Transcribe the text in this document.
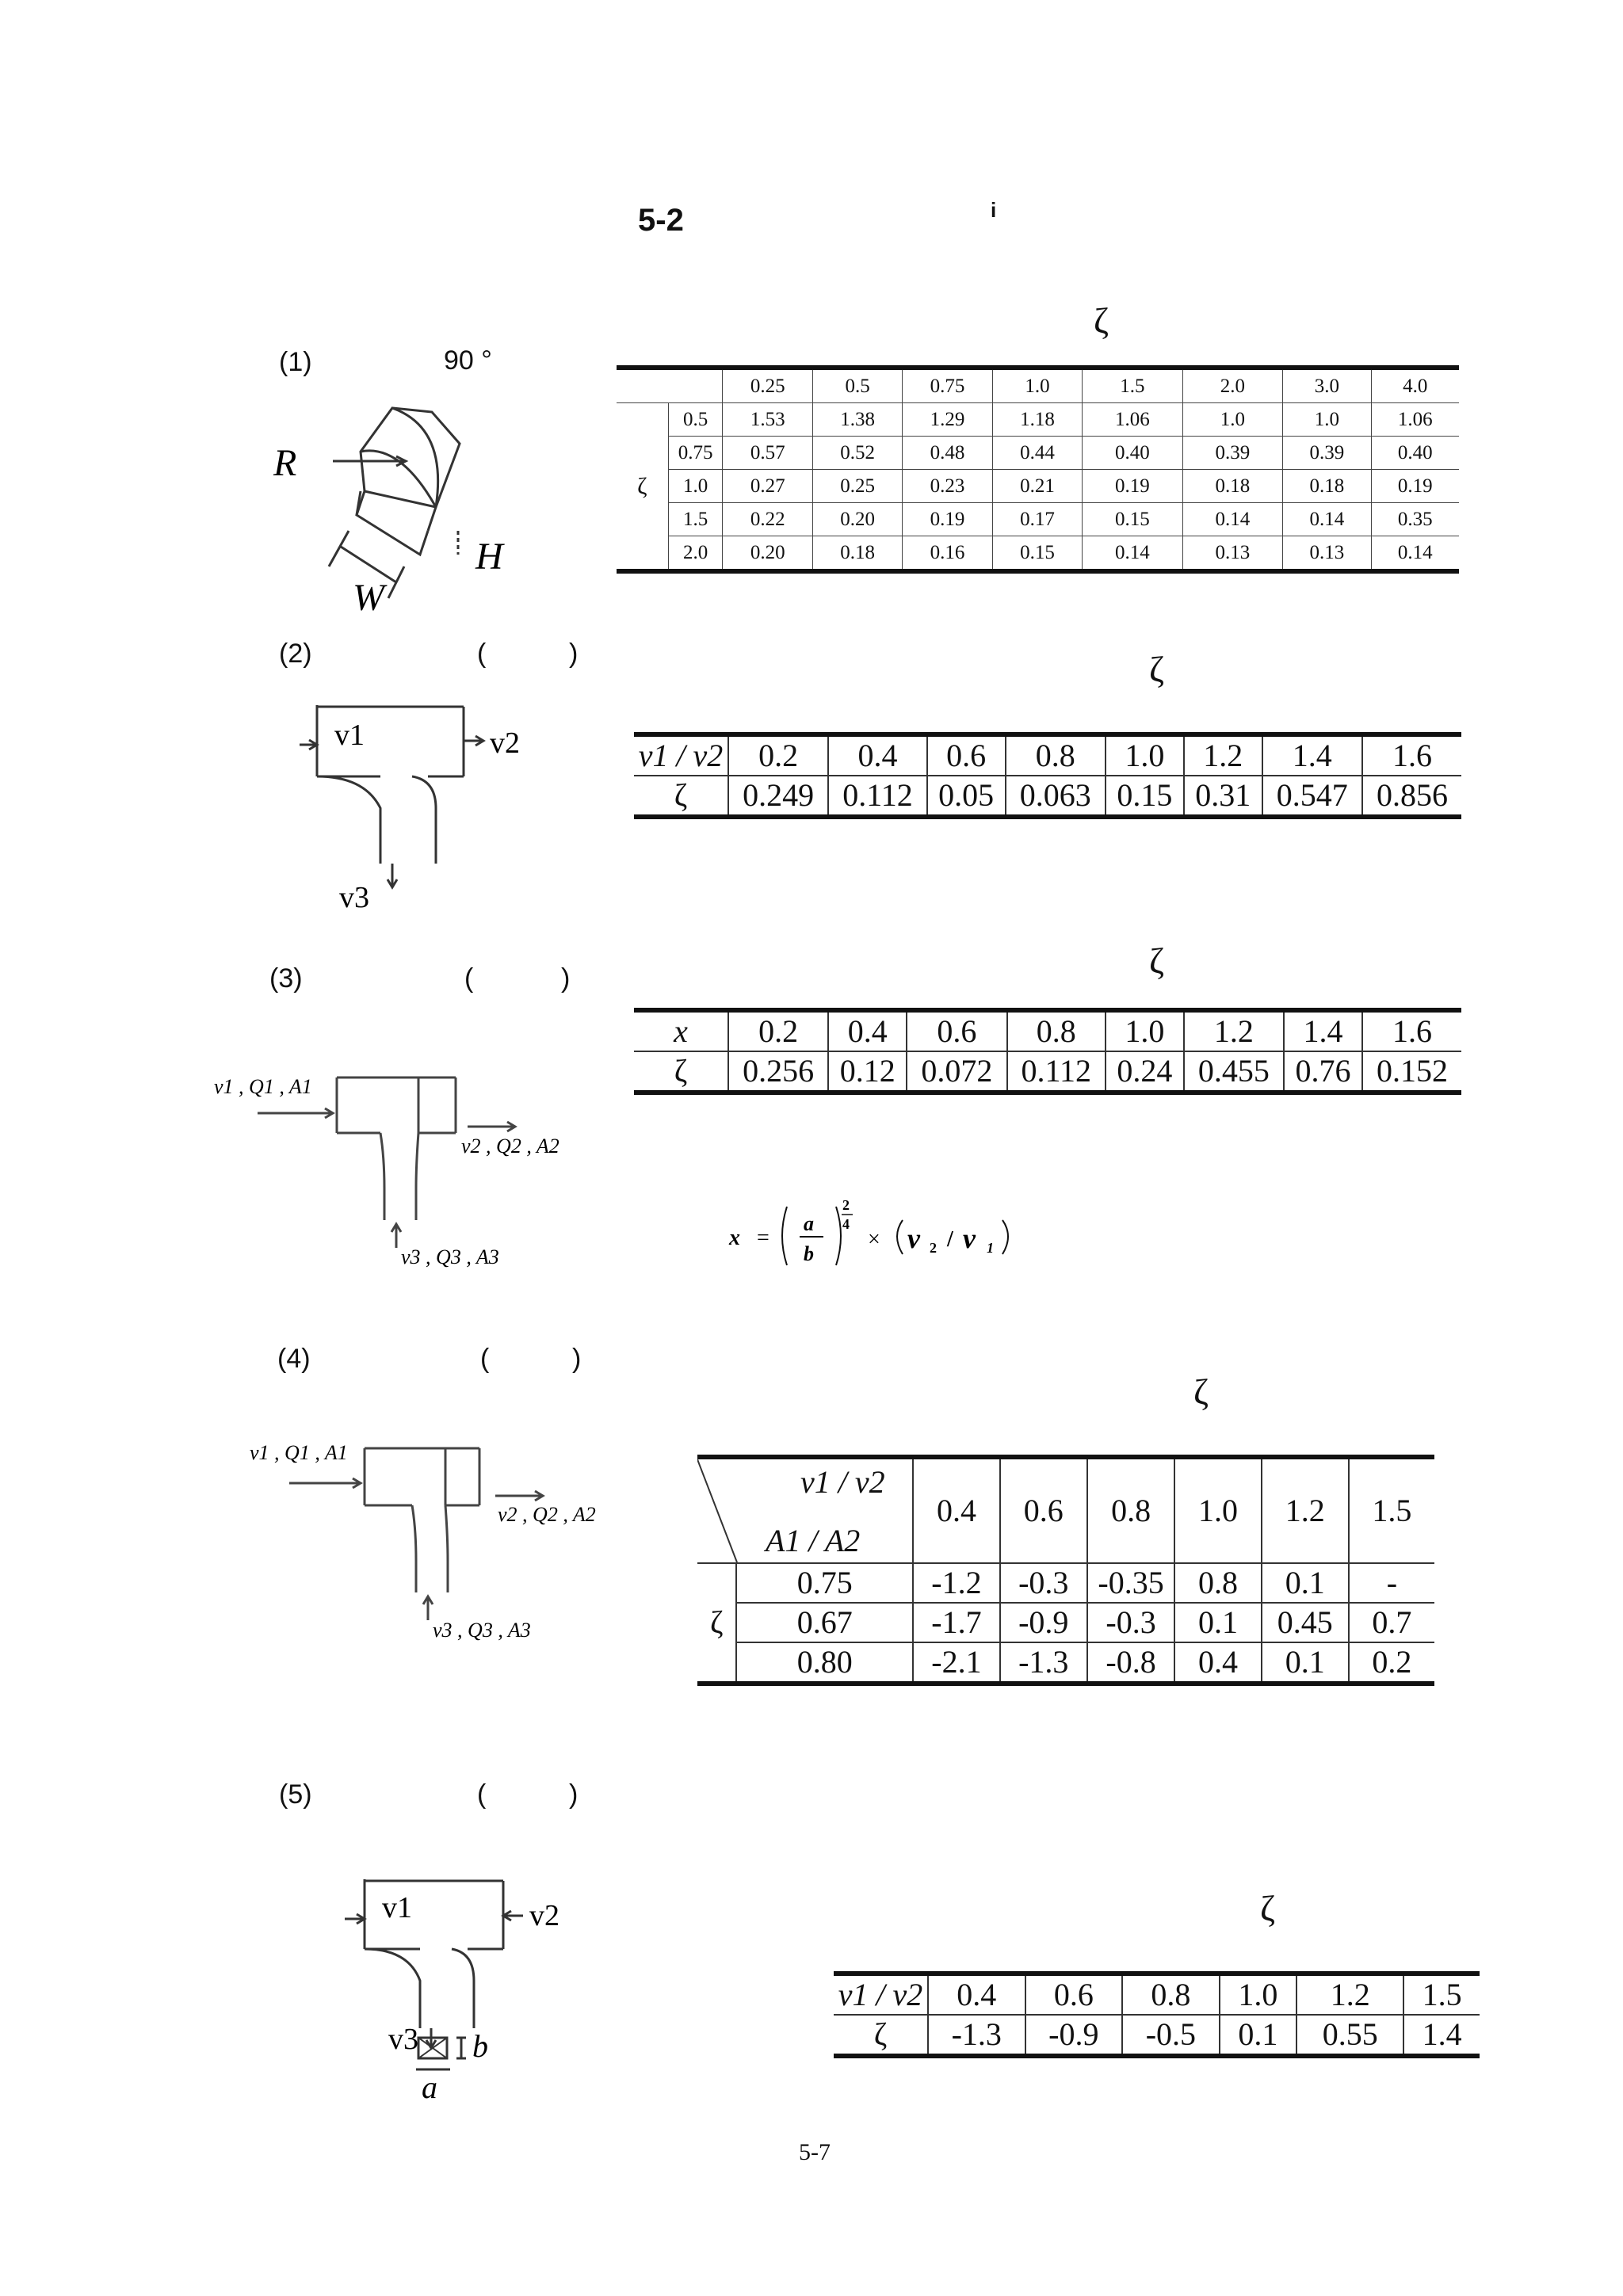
5-2	i
(1)	90 °
ζ
R
H
W
		0.25	0.5	0.75	1.0	1.5	2.0	3.0	4.0
ζ	0.5	1.53	1.38	1.29	1.18	1.06	1.0	1.0	1.06
	0.75	0.57	0.52	0.48	0.44	0.40	0.39	0.39	0.40
	1.0	0.27	0.25	0.23	0.21	0.19	0.18	0.18	0.19
	1.5	0.22	0.20	0.19	0.17	0.15	0.14	0.14	0.35
	2.0	0.20	0.18	0.16	0.15	0.14	0.13	0.13	0.14
(2)	(	)	ζ
v1	v2
v3
v1 / v2	0.2	0.4	0.6	0.8	1.0	1.2	1.4	1.6
ζ	0.249	0.112	0.05	0.063	0.15	0.31	0.547	0.856
(3)	(	)	ζ
v1 , Q1 , A1
v2 , Q2 , A2
v3 , Q3 , A3
x	0.2	0.4	0.6	0.8	1.0	1.2	1.4	1.6
ζ	0.256	0.12	0.072	0.112	0.24	0.455	0.76	0.152
x =
a
b
2
4
× v 2 / v 1
(4)	(	)
ζ
v1 , Q1 , A1
v2 , Q2 , A2
v3 , Q3 , A3
v1 / v2
A1 / A2		0.4	0.6	0.8	1.0	1.2	1.5
ζ	0.75	-1.2	-0.3	-0.35	0.8	0.1	-
	0.67	-1.7	-0.9	-0.3	0.1	0.45	0.7
	0.80	-2.1	-1.3	-0.8	0.4	0.1	0.2
(5)	(	)
ζ
v1	v2
v3
a
b
v1 / v2	0.4	0.6	0.8	1.0	1.2	1.5
ζ	-1.3	-0.9	-0.5	0.1	0.55	1.4
5-7
